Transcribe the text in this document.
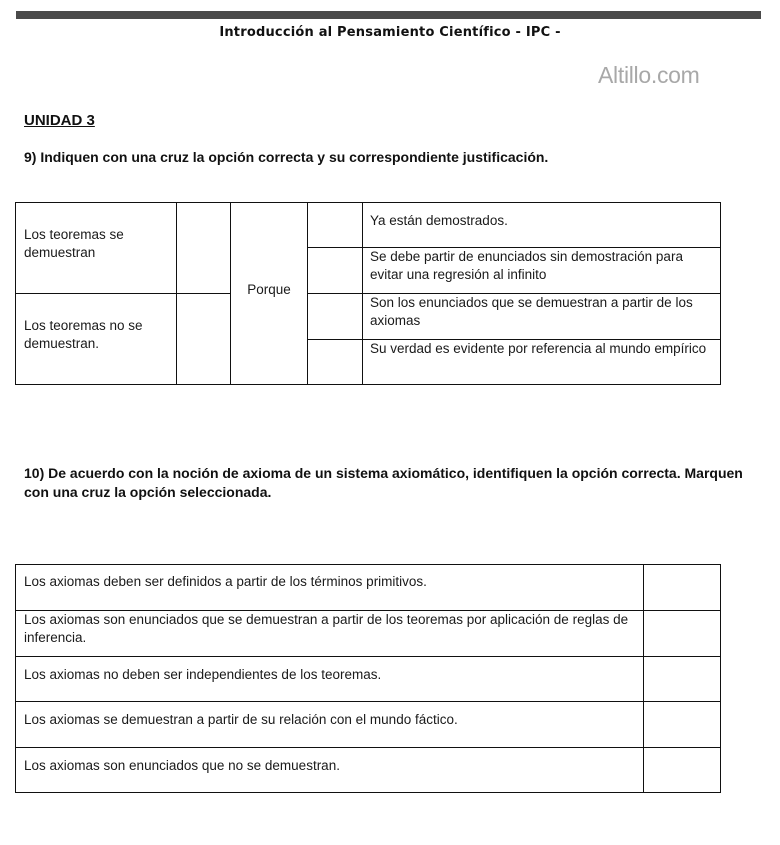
Introducción al Pensamiento Científico - IPC -
Altillo.com
UNIDAD 3
9) Indiquen con una cruz la opción correcta y su correspondiente justificación.
Los teoremas se demuestran
Los teoremas no se demuestran.
Porque
Ya están demostrados.
Se debe partir de enunciados sin demostración para evitar una regresión al infinito
Son los enunciados que se demuestran a partir de los axiomas
Su verdad es evidente por referencia al mundo empírico
10) De acuerdo con la noción de axioma de un sistema axiomático, identifiquen la opción correcta. Marquen con una cruz la opción seleccionada.
Los axiomas deben ser definidos a partir de los términos primitivos.
Los axiomas son enunciados que se demuestran a partir de los teoremas por aplicación de reglas de inferencia.
Los axiomas no deben ser independientes de los teoremas.
Los axiomas se demuestran a partir de su relación con el mundo fáctico.
Los axiomas son enunciados que no se demuestran.
